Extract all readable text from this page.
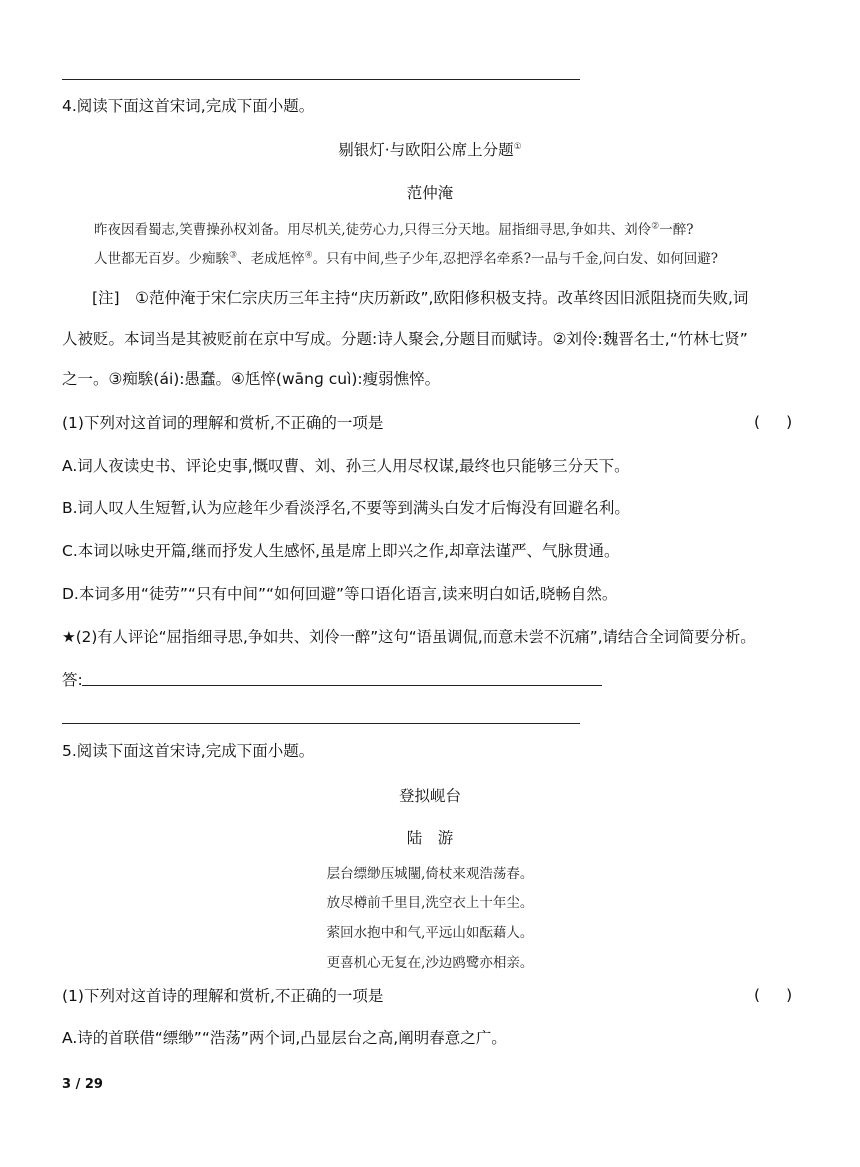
4.阅读下面这首宋词,完成下面小题。
剔银灯·与欧阳公席上分题①
范仲淹
昨夜因看蜀志,笑曹操孙权刘备。用尽机关,徒劳心力,只得三分天地。屈指细寻思,争如共、刘伶②一醉?
人世都无百岁。少痴騃③、老成尪悴④。只有中间,些子少年,忍把浮名牵系?一品与千金,问白发、如何回避?
[注]　①范仲淹于宋仁宗庆历三年主持“庆历新政”,欧阳修积极支持。改革终因旧派阻挠而失败,词
人被贬。本词当是其被贬前在京中写成。分题:诗人聚会,分题目而赋诗。②刘伶:魏晋名士,“竹林七贤”
之一。③痴騃(ái):愚蠢。④尪悴(wānɡ cuì):瘦弱憔悴。
(1)下列对这首词的理解和赏析,不正确的一项是	( )
A.词人夜读史书、评论史事,慨叹曹、刘、孙三人用尽权谋,最终也只能够三分天下。
B.词人叹人生短暂,认为应趁年少看淡浮名,不要等到满头白发才后悔没有回避名利。
C.本词以咏史开篇,继而抒发人生感怀,虽是席上即兴之作,却章法谨严、气脉贯通。
D.本词多用“徒劳”“只有中间”“如何回避”等口语化语言,读来明白如话,晓畅自然。
★(2)有人评论“屈指细寻思,争如共、刘伶一醉”这句“语虽调侃,而意未尝不沉痛”,请结合全词简要分析。
答:
5.阅读下面这首宋诗,完成下面小题。
登拟岘台
陆　游
层台缥缈压城闉,倚杖来观浩荡春。
放尽樽前千里目,洗空衣上十年尘。
萦回水抱中和气,平远山如酝藉人。
更喜机心无复在,沙边鸥鹭亦相亲。
(1)下列对这首诗的理解和赏析,不正确的一项是	( )
A.诗的首联借“缥缈”“浩荡”两个词,凸显层台之高,阐明春意之广。
3 / 29
